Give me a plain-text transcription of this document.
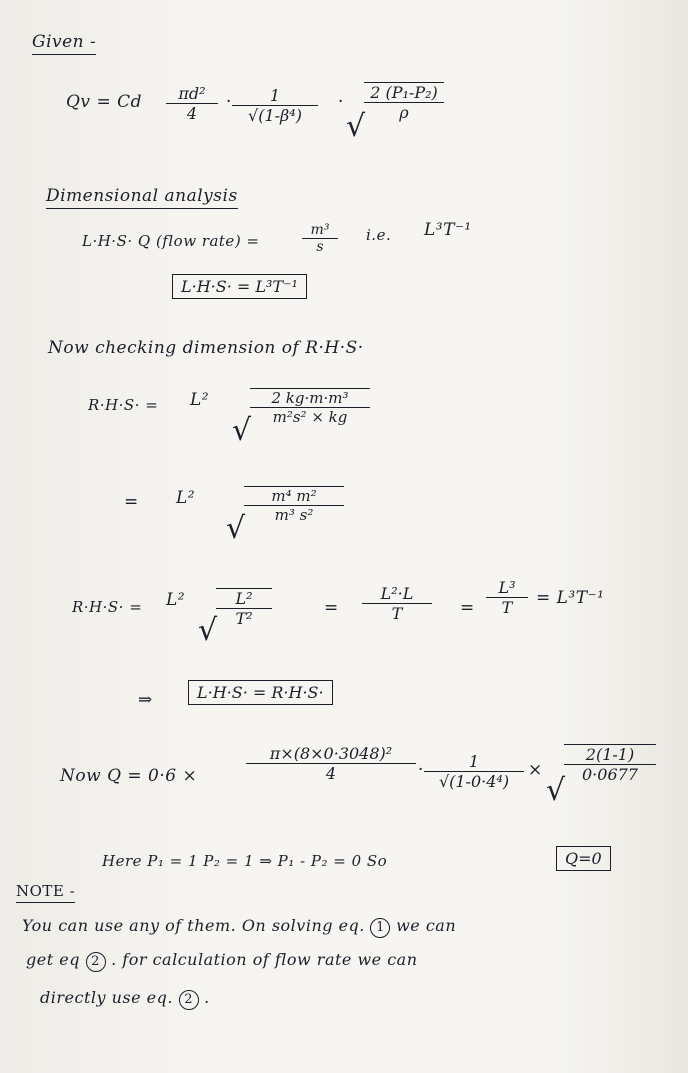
Given -
Qv = Cd $\frac{\text{πd²}}{4} \cdot \frac{1}{\text{√(1-β⁴)}}$ ·
√
$\frac{\text{2 (P₁-P₂)}}{\rho}$
Dimensional analysis
L·H·S· Q (flow rate) =	$\frac{\text{m³}}{s} i.e$. L³T⁻¹
L·H·S· = L³T⁻¹
Now checking dimension of R·H·S·
R·H·S· = L²
√
$\frac{\text{2 kg·m·m³}}{\text{m²s² × kg}}$
= L²
√
$\frac{\text{m⁴ m²}}{\text{m³ s²}}$
R·H·S· = L²
√
$\frac{\text{L²}}{\text{T²}}$	= $\frac{\text{L²·L}}{T} = \frac{\text{L³}}{T} = L^3T^{-1}$
⇒	L·H·S· = R·H·S·
Now Q = 0·6 ×	$\frac{\text{π×(8×0·3048)²}}{4} \cdot \frac{1}{\text{√(1-0·4⁴)}}$ ×
√
$\frac{2(1-1)}{0\cdot 0677}$
Here P₁ = 1 P₂ = 1 ⇒ P₁ - P₂ = 0 So	Q=0
NOTE -
You can use any of them. On solving eq. 1 we can
get eq 2 . for calculation of flow rate we can
directly use eq. 2 .
